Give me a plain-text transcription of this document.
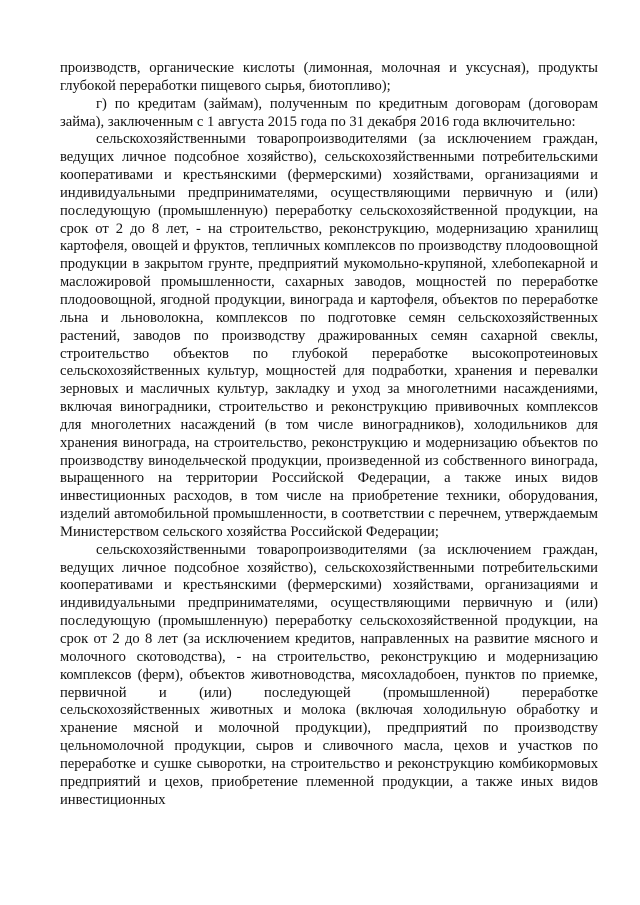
производств, органические кислоты (лимонная, молочная и уксусная), продукты глубокой переработки пищевого сырья, биотопливо);

г) по кредитам (займам), полученным по кредитным договорам (договорам займа), заключенным с 1 августа 2015 года по 31 декабря 2016 года включительно:

сельскохозяйственными товаропроизводителями (за исключением граждан, ведущих личное подсобное хозяйство), сельскохозяйственными потребительскими кооперативами и крестьянскими (фермерскими) хозяйствами, организациями и индивидуальными предпринимателями, осуществляющими первичную и (или) последующую (промышленную) переработку сельскохозяйственной продукции, на срок от 2 до 8 лет, - на строительство, реконструкцию, модернизацию хранилищ картофеля, овощей и фруктов, тепличных комплексов по производству плодоовощной продукции в закрытом грунте, предприятий мукомольно-крупяной, хлебопекарной и масложировой промышленности, сахарных заводов, мощностей по переработке плодоовощной, ягодной продукции, винограда и картофеля, объектов по переработке льна и льноволокна, комплексов по подготовке семян сельскохозяйственных растений, заводов по производству дражированных семян сахарной свеклы, строительство объектов по глубокой переработке высокопротеиновых сельскохозяйственных культур, мощностей для подработки, хранения и перевалки зерновых и масличных культур, закладку и уход за многолетними насаждениями, включая виноградники, строительство и реконструкцию прививочных комплексов для многолетних насаждений (в том числе виноградников), холодильников для хранения винограда, на строительство, реконструкцию и модернизацию объектов по производству винодельческой продукции, произведенной из собственного винограда, выращенного на территории Российской Федерации, а также иных видов инвестиционных расходов, в том числе на приобретение техники, оборудования, изделий автомобильной промышленности, в соответствии с перечнем, утверждаемым Министерством сельского хозяйства Российской Федерации;

сельскохозяйственными товаропроизводителями (за исключением граждан, ведущих личное подсобное хозяйство), сельскохозяйственными потребительскими кооперативами и крестьянскими (фермерскими) хозяйствами, организациями и индивидуальными предпринимателями, осуществляющими первичную и (или) последующую (промышленную) переработку сельскохозяйственной продукции, на срок от 2 до 8 лет (за исключением кредитов, направленных на развитие мясного и молочного скотоводства), - на строительство, реконструкцию и модернизацию комплексов (ферм), объектов животноводства, мясохладобоен, пунктов по приемке, первичной и (или) последующей (промышленной) переработке сельскохозяйственных животных и молока (включая холодильную обработку и хранение мясной и молочной продукции), предприятий по производству цельномолочной продукции, сыров и сливочного масла, цехов и участков по переработке и сушке сыворотки, на строительство и реконструкцию комбикормовых предприятий и цехов, приобретение племенной продукции, а также иных видов инвестиционных
